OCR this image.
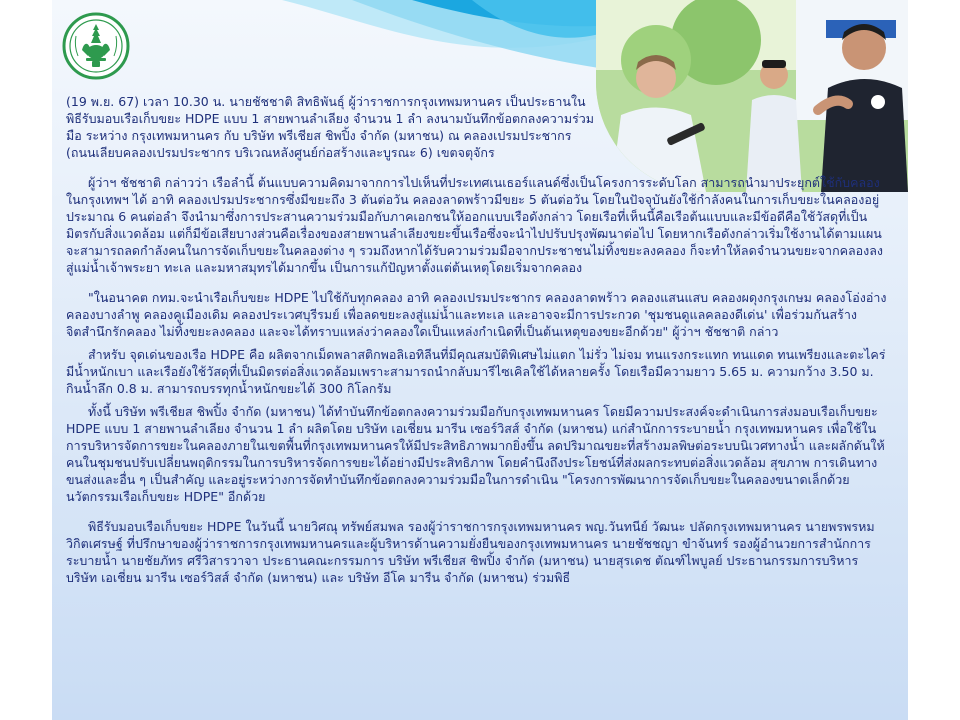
(19 พ.ย. 67) เวลา 10.30 น. นายชัชชาติ สิทธิพันธุ์ ผู้ว่าราชการกรุงเทพมหานคร เป็นประธานในพิธีรับมอบเรือเก็บขยะ HDPE แบบ 1 สายพานลำเลียง จำนวน 1 ลำ ลงนามบันทึกข้อตกลงความร่วมมือ ระหว่าง กรุงเทพมหานคร กับ บริษัท พรีเชียส ชิพปิ้ง จำกัด (มหาชน) ณ คลองเปรมประชากร (ถนนเลียบคลองเปรมประชากร บริเวณหลังศูนย์ก่อสร้างและบูรณะ 6) เขตจตุจักร

ผู้ว่าฯ ชัชชาติ กล่าวว่า เรือลำนี้ ต้นแบบความคิดมาจากการไปเห็นที่ประเทศเนเธอร์แลนด์ซึ่งเป็นโครงการระดับโลก สามารถนำมาประยุกต์ใช้กับคลองในกรุงเทพฯ ได้ อาทิ คลองเปรมประชากรซึ่งมีขยะถึง 3 ตันต่อวัน คลองลาดพร้าวมีขยะ 5 ตันต่อวัน โดยในปัจจุบันยังใช้กำลังคนในการเก็บขยะในคลองอยู่ประมาณ 6 คนต่อลำ จึงนำมาซึ่งการประสานความร่วมมือกับภาคเอกชนให้ออกแบบเรือดังกล่าว โดยเรือที่เห็นนี้คือเรือต้นแบบและมีข้อดีคือใช้วัสดุที่เป็นมิตรกับสิ่งแวดล้อม แต่ก็มีข้อเสียบางส่วนคือเรื่องของสายพานลำเลียงขยะขึ้นเรือซึ่งจะนำไปปรับปรุงพัฒนาต่อไป โดยหากเรือดังกล่าวเริ่มใช้งานได้ตามแผนจะสามารถลดกำลังคนในการจัดเก็บขยะในคลองต่าง ๆ รวมถึงหากได้รับความร่วมมือจากประชาชนไม่ทิ้งขยะลงคลอง ก็จะทำให้ลดจำนวนขยะจากคลองลงสู่แม่น้ำเจ้าพระยา ทะเล และมหาสมุทรได้มากขึ้น เป็นการแก้ปัญหาตั้งแต่ต้นเหตุโดยเริ่มจากคลอง

"ในอนาคต กทม.จะนำเรือเก็บขยะ HDPE ไปใช้กับทุกคลอง อาทิ คลองเปรมประชากร คลองลาดพร้าว คลองแสนแสบ คลองผดุงกรุงเกษม คลองโอ่งอ่าง คลองบางลำพู คลองคูเมืองเดิม คลองประเวศบุรีรมย์ เพื่อลดขยะลงสู่แม่น้ำและทะเล และอาจจะมีการประกวด 'ชุมชนดูแลคลองดีเด่น' เพื่อร่วมกันสร้างจิตสำนึกรักคลอง ไม่ทิ้งขยะลงคลอง และจะได้ทราบแหล่งว่าคลองใดเป็นแหล่งกำเนิดที่เป็นต้นเหตุของขยะอีกด้วย" ผู้ว่าฯ ชัชชาติ กล่าว

สำหรับ จุดเด่นของเรือ HDPE คือ ผลิตจากเม็ดพลาสติกพอลิเอทิลีนที่มีคุณสมบัติพิเศษไม่แตก ไม่รั่ว ไม่จม ทนแรงกระแทก ทนแดด ทนเพรียงและตะไคร่ มีน้ำหนักเบา และเรือยังใช้วัสดุที่เป็นมิตรต่อสิ่งแวดล้อมเพราะสามารถนำกลับมารีไซเคิลใช้ได้หลายครั้ง โดยเรือมีความยาว 5.65 ม. ความกว้าง 3.50 ม. กินน้ำลึก 0.8 ม. สามารถบรรทุกน้ำหนักขยะได้ 300 กิโลกรัม

ทั้งนี้ บริษัท พรีเชียส ชิพปิ้ง จำกัด (มหาชน) ได้ทำบันทึกข้อตกลงความร่วมมือกับกรุงเทพมหานคร โดยมีความประสงค์จะดำเนินการส่งมอบเรือเก็บขยะ HDPE แบบ 1 สายพานลำเลียง จำนวน 1 ลำ ผลิตโดย บริษัท เอเชี่ยน มารีน เซอร์วิสส์ จำกัด (มหาชน) แก่สำนักการระบายน้ำ กรุงเทพมหานคร เพื่อใช้ในการบริหารจัดการขยะในคลองภายในเขตพื้นที่กรุงเทพมหานครให้มีประสิทธิภาพมากยิ่งขึ้น ลดปริมาณขยะที่สร้างมลพิษต่อระบบนิเวศทางน้ำ และผลักดันให้คนในชุมชนปรับเปลี่ยนพฤติกรรมในการบริหารจัดการขยะได้อย่างมีประสิทธิภาพ โดยคำนึงถึงประโยชน์ที่ส่งผลกระทบต่อสิ่งแวดล้อม สุขภาพ การเดินทางขนส่งและอื่น ๆ เป็นสำคัญ และอยู่ระหว่างการจัดทำบันทึกข้อตกลงความร่วมมือในการดำเนิน "โครงการพัฒนาการจัดเก็บขยะในคลองขนาดเล็กด้วยนวัตกรรมเรือเก็บขยะ HDPE" อีกด้วย

พิธีรับมอบเรือเก็บขยะ HDPE ในวันนี้ นายวิศณุ ทรัพย์สมพล รองผู้ว่าราชการกรุงเทพมหานคร พญ.วันทนีย์ วัฒนะ ปลัดกรุงเทพมหานคร นายพรพรหม วิกิตเศรษฐ์ ที่ปรึกษาของผู้ว่าราชการกรุงเทพมหานครและผู้บริหารด้านความยั่งยืนของกรุงเทพมหานคร นายชัชชญา ขำจันทร์ รองผู้อำนวยการสำนักการระบายน้ำ นายชัยภัทร ศรีวิสารวาจา ประธานคณะกรรมการ บริษัท พรีเชียส ชิพปิ้ง จำกัด (มหาชน) นายสุรเดช ตัณฑ์ไพบูลย์ ประธานกรรมการบริหาร บริษัท เอเชี่ยน มารีน เซอร์วิสส์ จำกัด (มหาชน) และ บริษัท อีโค มารีน จำกัด (มหาชน) ร่วมพิธี
